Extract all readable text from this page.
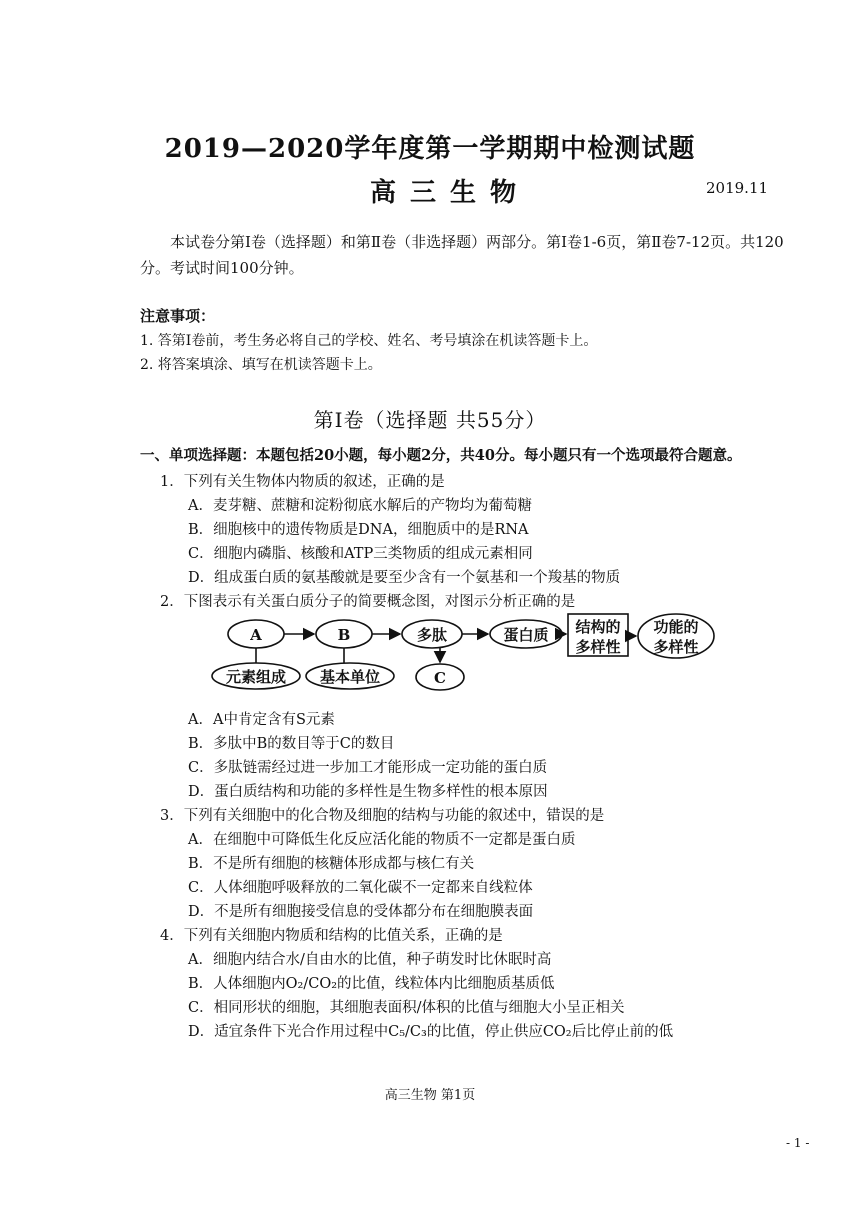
2019—2020学年度第一学期期中检测试题
高三生物	2019.11
本试卷分第Ⅰ卷（选择题）和第Ⅱ卷（非选择题）两部分。第Ⅰ卷1-6页，第Ⅱ卷7-12页。共120分。考试时间100分钟。
注意事项：
1. 答第Ⅰ卷前，考生务必将自己的学校、姓名、考号填涂在机读答题卡上。
2. 将答案填涂、填写在机读答题卡上。
第Ⅰ卷（选择题 共55分）
一、单项选择题：本题包括20小题，每小题2分，共40分。每小题只有一个选项最符合题意。
1．下列有关生物体内物质的叙述，正确的是
A．麦芽糖、蔗糖和淀粉彻底水解后的产物均为葡萄糖
B．细胞核中的遗传物质是DNA，细胞质中的是RNA
C．细胞内磷脂、核酸和ATP三类物质的组成元素相同
D．组成蛋白质的氨基酸就是要至少含有一个氨基和一个羧基的物质
2．下图表示有关蛋白质分子的简要概念图，对图示分析正确的是
A	B	多肽	蛋白质 结构的
多样性
功能的
多样性
元素组成 基本单位	C
A．A中肯定含有S元素
B．多肽中B的数目等于C的数目
C．多肽链需经过进一步加工才能形成一定功能的蛋白质
D．蛋白质结构和功能的多样性是生物多样性的根本原因
3．下列有关细胞中的化合物及细胞的结构与功能的叙述中，错误的是
A．在细胞中可降低生化反应活化能的物质不一定都是蛋白质
B．不是所有细胞的核糖体形成都与核仁有关
C．人体细胞呼吸释放的二氧化碳不一定都来自线粒体
D．不是所有细胞接受信息的受体都分布在细胞膜表面
4．下列有关细胞内物质和结构的比值关系，正确的是
A．细胞内结合水/自由水的比值，种子萌发时比休眠时高
B．人体细胞内O₂/CO₂的比值，线粒体内比细胞质基质低
C．相同形状的细胞，其细胞表面积/体积的比值与细胞大小呈正相关
D．适宜条件下光合作用过程中C₅/C₃的比值，停止供应CO₂后比停止前的低
高三生物 第1页
- 1 -
